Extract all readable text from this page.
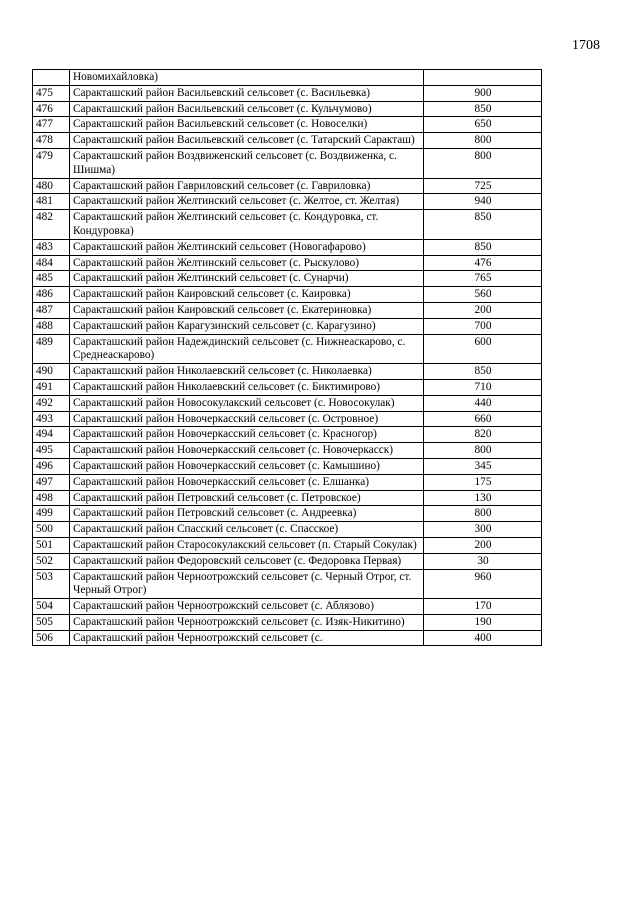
1708
	Новомихайловка)	
475	Саракташский район Васильевский сельсовет (с. Васильевка)	900
476	Саракташский район Васильевский сельсовет (с. Кульчумово)	850
477	Саракташский район Васильевский сельсовет (с. Новоселки)	650
478	Саракташский район Васильевский сельсовет (с. Татарский Саракташ)	800
479	Саракташский район Воздвиженский сельсовет (с. Воздвиженка, с. Шишма)	800
480	Саракташский район Гавриловский сельсовет (с. Гавриловка)	725
481	Саракташский район Желтинский сельсовет (с. Желтое, ст. Желтая)	940
482	Саракташский район Желтинский сельсовет (с. Кондуровка, ст. Кондуровка)	850
483	Саракташский район Желтинский сельсовет (Новогафарово)	850
484	Саракташский район Желтинский сельсовет (с. Рыскулово)	476
485	Саракташский район Желтинский сельсовет (с. Сунарчи)	765
486	Саракташский район Каировский сельсовет (с. Каировка)	560
487	Саракташский район Каировский сельсовет (с. Екатериновка)	200
488	Саракташский район Карагузинский сельсовет (с. Карагузино)	700
489	Саракташский район Надеждинский сельсовет (с. Нижнеаскарово, с. Среднеаскарово)	600
490	Саракташский район Николаевский сельсовет (с. Николаевка)	850
491	Саракташский район Николаевский сельсовет (с. Биктимирово)	710
492	Саракташский район Новосокулакский сельсовет (с. Новосокулак)	440
493	Саракташский район Новочеркасский сельсовет (с. Островное)	660
494	Саракташский район Новочеркасский сельсовет (с. Красногор)	820
495	Саракташский район Новочеркасский сельсовет (с. Новочеркасск)	800
496	Саракташский район Новочеркасский сельсовет (с. Камышино)	345
497	Саракташский район Новочеркасский сельсовет (с. Елшанка)	175
498	Саракташский район Петровский сельсовет (с. Петровское)	130
499	Саракташский район Петровский сельсовет (с. Андреевка)	800
500	Саракташский район Спасский сельсовет (с. Спасское)	300
501	Саракташский район Старосокулакский сельсовет (п. Старый Сокулак)	200
502	Саракташский район Федоровский сельсовет (с. Федоровка Первая)	30
503	Саракташский район Черноотрожский сельсовет (с. Черный Отрог, ст. Черный Отрог)	960
504	Саракташский район Черноотрожский сельсовет (с. Аблязово)	170
505	Саракташский район Черноотрожский сельсовет (с. Изяк-Никитино)	190
506	Саракташский район Черноотрожский сельсовет (с.	400
